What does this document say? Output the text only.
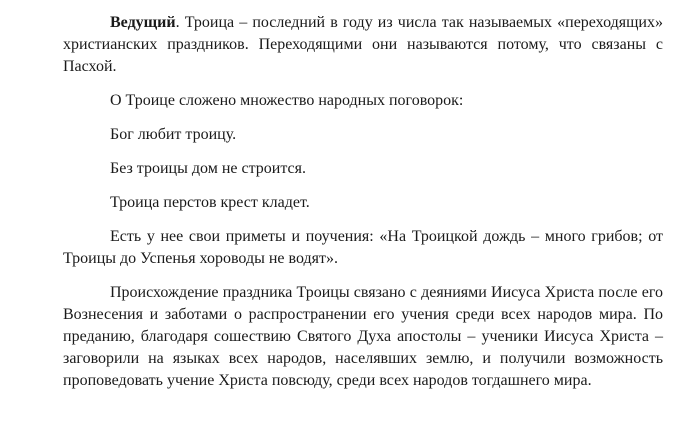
Ведущий. Троица – последний в году из числа так называемых «переходящих» христианских праздников. Переходящими они называются потому, что связаны с Пасхой.

О Троице сложено множество народных поговорок:

Бог любит троицу.

Без троицы дом не строится.

Троица перстов крест кладет.

Есть у нее свои приметы и поучения: «На Троицкой дождь – много грибов; от Троицы до Успенья хороводы не водят».

Происхождение праздника Троицы связано с деяниями Иисуса Христа после его Вознесения и заботами о распространении его учения среди всех народов мира. По преданию, благодаря сошествию Святого Духа апостолы – ученики Иисуса Христа – заговорили на языках всех народов, населявших землю, и получили возможность проповедовать учение Христа повсюду, среди всех народов тогдашнего мира.
